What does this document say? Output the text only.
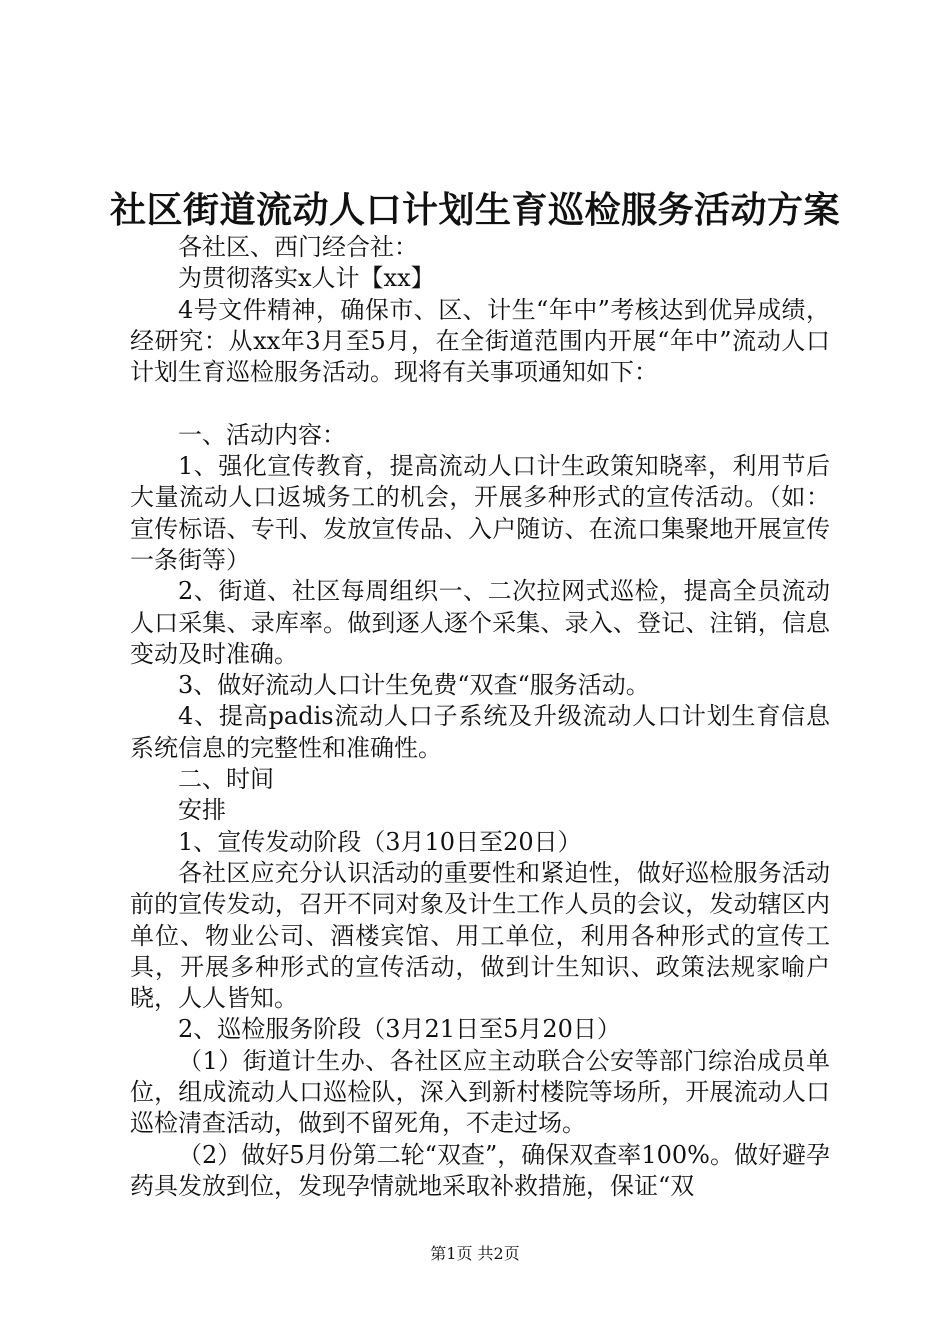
社区街道流动人口计划生育巡检服务活动方案

各社区、西门经合社：

为贯彻落实x人计【xx】

4号文件精神，确保市、区、计生“年中”考核达到优异成绩，经研究：从xx年3月至5月，在全街道范围内开展“年中”流动人口计划生育巡检服务活动。现将有关事项通知如下：

一、活动内容：

1、强化宣传教育，提高流动人口计生政策知晓率，利用节后大量流动人口返城务工的机会，开展多种形式的宣传活动。（如：宣传标语、专刊、发放宣传品、入户随访、在流口集聚地开展宣传一条街等）

2、街道、社区每周组织一、二次拉网式巡检，提高全员流动人口采集、录库率。做到逐人逐个采集、录入、登记、注销，信息变动及时准确。

3、做好流动人口计生免费“双查“服务活动。

4、提高padis流动人口子系统及升级流动人口计划生育信息系统信息的完整性和准确性。

二、时间

安排

1、宣传发动阶段（3月10日至20日）

各社区应充分认识活动的重要性和紧迫性，做好巡检服务活动前的宣传发动，召开不同对象及计生工作人员的会议，发动辖区内单位、物业公司、酒楼宾馆、用工单位，利用各种形式的宣传工具，开展多种形式的宣传活动，做到计生知识、政策法规家喻户晓，人人皆知。

2、巡检服务阶段（3月21日至5月20日）

（1）街道计生办、各社区应主动联合公安等部门综治成员单位，组成流动人口巡检队，深入到新村楼院等场所，开展流动人口巡检清查活动，做到不留死角，不走过场。

（2）做好5月份第二轮“双查”，确保双查率100%。做好避孕药具发放到位，发现孕情就地采取补救措施，保证“双

第1页 共2页
